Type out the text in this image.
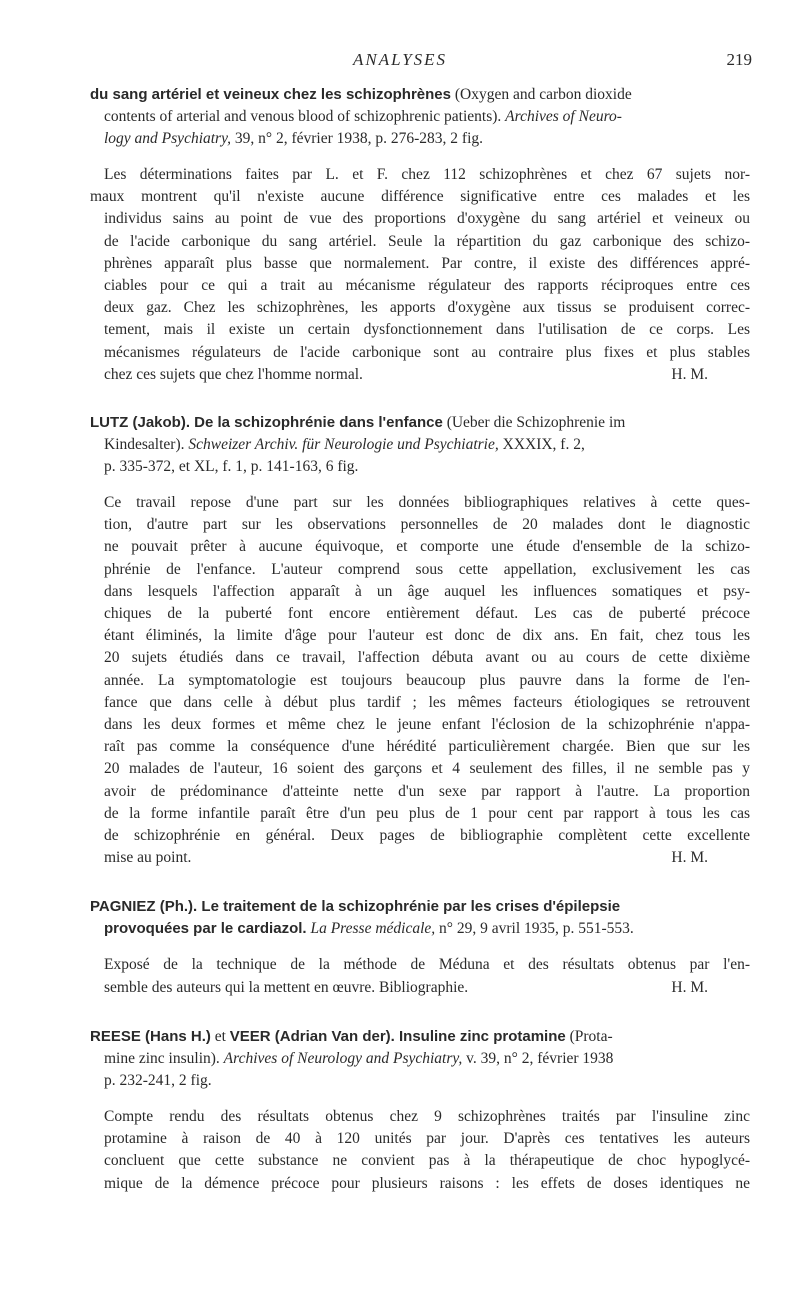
ANALYSES	219

du sang artériel et veineux chez les schizophrènes (Oxygen and carbon dioxide
contents of arterial and venous blood of schizophrenic patients). Archives of Neuro-
logy and Psychiatry, 39, n° 2, février 1938, p. 276-283, 2 fig.

Les déterminations faites par L. et F. chez 112 schizophrènes et chez 67 sujets nor-
maux montrent qu'il n'existe aucune différence significative entre ces malades et les
individus sains au point de vue des proportions d'oxygène du sang artériel et veineux ou
de l'acide carbonique du sang artériel. Seule la répartition du gaz carbonique des schizo-
phrènes apparaît plus basse que normalement. Par contre, il existe des différences appré-
ciables pour ce qui a trait au mécanisme régulateur des rapports réciproques entre ces
deux gaz. Chez les schizophrènes, les apports d'oxygène aux tissus se produisent correc-
tement, mais il existe un certain dysfonctionnement dans l'utilisation de ce corps. Les
mécanismes régulateurs de l'acide carbonique sont au contraire plus fixes et plus stables
chez ces sujets que chez l'homme normal.	H. M.

LUTZ (Jakob). De la schizophrénie dans l'enfance (Ueber die Schizophrenie im
Kindesalter). Schweizer Archiv. für Neurologie und Psychiatrie, XXXIX, f. 2,
p. 335-372, et XL, f. 1, p. 141-163, 6 fig.

Ce travail repose d'une part sur les données bibliographiques relatives à cette ques-
tion, d'autre part sur les observations personnelles de 20 malades dont le diagnostic
ne pouvait prêter à aucune équivoque, et comporte une étude d'ensemble de la schizo-
phrénie de l'enfance. L'auteur comprend sous cette appellation, exclusivement les cas
dans lesquels l'affection apparaît à un âge auquel les influences somatiques et psy-
chiques de la puberté font encore entièrement défaut. Les cas de puberté précoce
étant éliminés, la limite d'âge pour l'auteur est donc de dix ans. En fait, chez tous les
20 sujets étudiés dans ce travail, l'affection débuta avant ou au cours de cette dixième
année. La symptomatologie est toujours beaucoup plus pauvre dans la forme de l'en-
fance que dans celle à début plus tardif ; les mêmes facteurs étiologiques se retrouvent
dans les deux formes et même chez le jeune enfant l'éclosion de la schizophrénie n'appa-
raît pas comme la conséquence d'une hérédité particulièrement chargée. Bien que sur les
20 malades de l'auteur, 16 soient des garçons et 4 seulement des filles, il ne semble pas y
avoir de prédominance d'atteinte nette d'un sexe par rapport à l'autre. La proportion
de la forme infantile paraît être d'un peu plus de 1 pour cent par rapport à tous les cas
de schizophrénie en général. Deux pages de bibliographie complètent cette excellente
mise au point.	H. M.

PAGNIEZ (Ph.). Le traitement de la schizophrénie par les crises d'épilepsie
provoquées par le cardiazol. La Presse médicale, n° 29, 9 avril 1935, p. 551-553.

Exposé de la technique de la méthode de Méduna et des résultats obtenus par l'en-
semble des auteurs qui la mettent en œuvre. Bibliographie.	H. M.

REESE (Hans H.) et VEER (Adrian Van der). Insuline zinc protamine (Prota-
mine zinc insulin). Archives of Neurology and Psychiatry, v. 39, n° 2, février 1938
p. 232-241, 2 fig.

Compte rendu des résultats obtenus chez 9 schizophrènes traités par l'insuline zinc
protamine à raison de 40 à 120 unités par jour. D'après ces tentatives les auteurs
concluent que cette substance ne convient pas à la thérapeutique de choc hypoglycé-
mique de la démence précoce pour plusieurs raisons : les effets de doses identiques ne
